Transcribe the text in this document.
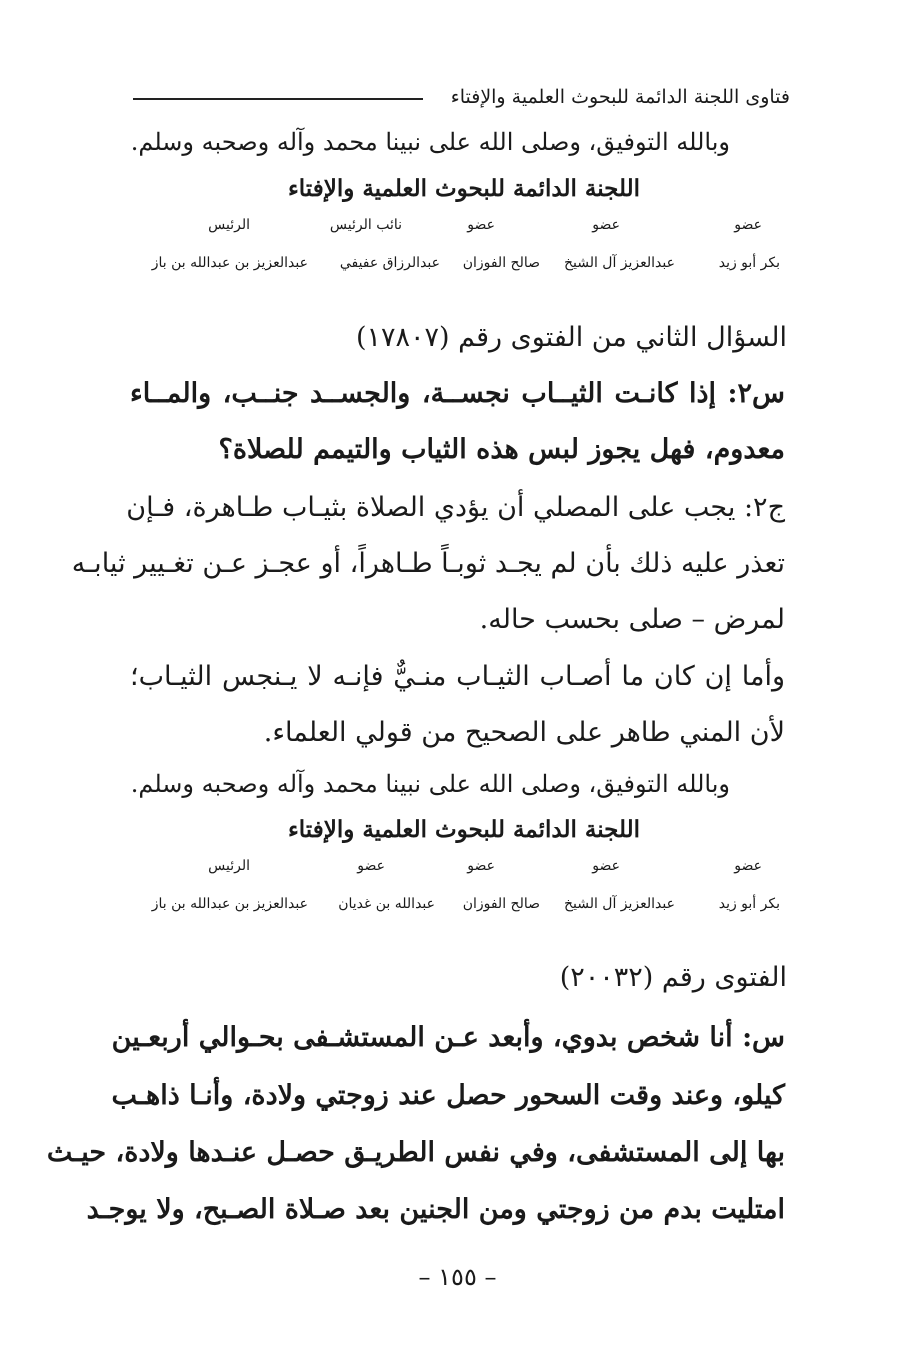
فتاوى اللجنة الدائمة للبحوث العلمية والإفتاء
وبالله التوفيق، وصلى الله على نبينا محمد وآله وصحبه وسلم.
اللجنة الدائمة للبحوث العلمية والإفتاء
عضو
عضو
عضو
نائب الرئيس
الرئيس
بكر أبو زيد
عبدالعزيز آل الشيخ
صالح الفوزان
عبدالرزاق عفيفي
عبدالعزيز بن عبدالله بن باز
السؤال الثاني من الفتوى رقم (١٧٨٠٧)
س٢: إذا كانـت الثيــاب نجســة، والجســد جنــب، والمــاء
معدوم، فهل يجوز لبس هذه الثياب والتيمم للصلاة؟
ج٢: يجب على المصلي أن يؤدي الصلاة بثيـاب طـاهرة، فـإن
تعذر عليه ذلك بأن لم يجـد ثوبـاً طـاهراً، أو عجـز عـن تغـيير ثيابـه
لمرض – صلى بحسب حاله.
وأما إن كان ما أصـاب الثيـاب منـيٌّ فإنـه لا يـنجس الثيـاب؛
لأن المني طاهر على الصحيح من قولي العلماء.
وبالله التوفيق، وصلى الله على نبينا محمد وآله وصحبه وسلم.
اللجنة الدائمة للبحوث العلمية والإفتاء
عضو
عضو
عضو
عضو
الرئيس
بكر أبو زيد
عبدالعزيز آل الشيخ
صالح الفوزان
عبدالله بن غديان
عبدالعزيز بن عبدالله بن باز
الفتوى رقم (٢٠٠٣٢)
س: أنا شخص بدوي، وأبعد عـن المستشـفى بحـوالي أربعـين
كيلو، وعند وقت السحور حصل عند زوجتي ولادة، وأنـا ذاهـب
بها إلى المستشفى، وفي نفس الطريـق حصـل عنـدها ولادة، حيـث
امتليت بدم من زوجتي ومن الجنين بعد صـلاة الصـبح، ولا يوجـد
– ١٥٥ –
